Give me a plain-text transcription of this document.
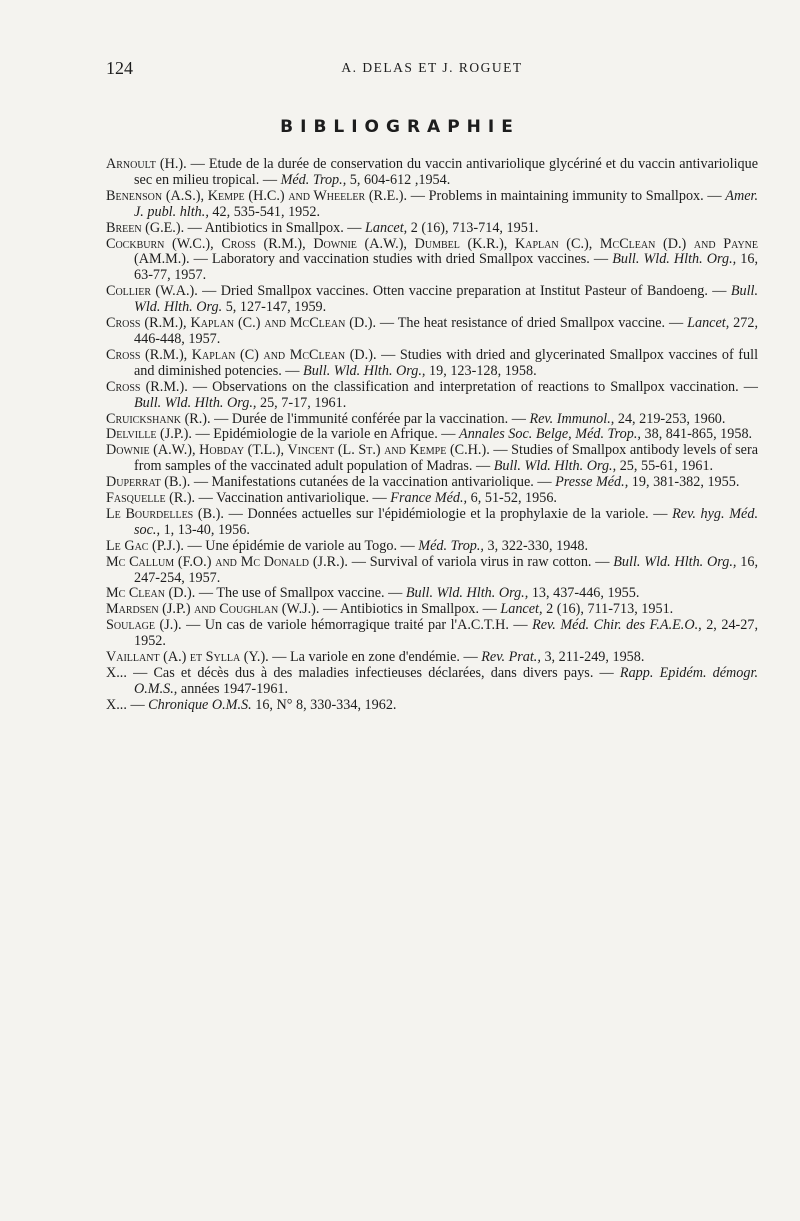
124	A. DELAS ET J. ROGUET
BIBLIOGRAPHIE
Arnoult (H.). — Etude de la durée de conservation du vaccin antivariolique glycériné et du vaccin antivariolique sec en milieu tropical. — Méd. Trop., 5, 604-612 ,1954.
Benenson (A.S.), Kempe (H.C.) and Wheeler (R.E.). — Problems in maintaining immunity to Smallpox. — Amer. J. publ. hlth., 42, 535-541, 1952.
Breen (G.E.). — Antibiotics in Smallpox. — Lancet, 2 (16), 713-714, 1951.
Cockburn (W.C.), Cross (R.M.), Downie (A.W.), Dumbel (K.R.), Kaplan (C.), McClean (D.) and Payne (AM.M.). — Laboratory and vaccination studies with dried Smallpox vaccines. — Bull. Wld. Hlth. Org., 16, 63-77, 1957.
Collier (W.A.). — Dried Smallpox vaccines. Otten vaccine preparation at Institut Pasteur of Bandoeng. — Bull. Wld. Hlth. Org. 5, 127-147, 1959.
Cross (R.M.), Kaplan (C.) and McClean (D.). — The heat resistance of dried Smallpox vaccine. — Lancet, 272, 446-448, 1957.
Cross (R.M.), Kaplan (C) and McClean (D.). — Studies with dried and glycerinated Smallpox vaccines of full and diminished potencies. — Bull. Wld. Hlth. Org., 19, 123-128, 1958.
Cross (R.M.). — Observations on the classification and interpretation of reactions to Smallpox vaccination. — Bull. Wld. Hlth. Org., 25, 7-17, 1961.
Cruickshank (R.). — Durée de l'immunité conférée par la vaccination. — Rev. Immunol., 24, 219-253, 1960.
Delville (J.P.). — Epidémiologie de la variole en Afrique. — Annales Soc. Belge, Méd. Trop., 38, 841-865, 1958.
Downie (A.W.), Hobday (T.L.), Vincent (L. St.) and Kempe (C.H.). — Studies of Smallpox antibody levels of sera from samples of the vaccinated adult population of Madras. — Bull. Wld. Hlth. Org., 25, 55-61, 1961.
Duperrat (B.). — Manifestations cutanées de la vaccination antivariolique. — Presse Méd., 19, 381-382, 1955.
Fasquelle (R.). — Vaccination antivariolique. — France Méd., 6, 51-52, 1956.
Le Bourdelles (B.). — Données actuelles sur l'épidémiologie et la prophylaxie de la variole. — Rev. hyg. Méd. soc., 1, 13-40, 1956.
Le Gac (P.J.). — Une épidémie de variole au Togo. — Méd. Trop., 3, 322-330, 1948.
Mc Callum (F.O.) and Mc Donald (J.R.). — Survival of variola virus in raw cotton. — Bull. Wld. Hlth. Org., 16, 247-254, 1957.
Mc Clean (D.). — The use of Smallpox vaccine. — Bull. Wld. Hlth. Org., 13, 437-446, 1955.
Mardsen (J.P.) and Coughlan (W.J.). — Antibiotics in Smallpox. — Lancet, 2 (16), 711-713, 1951.
Soulage (J.). — Un cas de variole hémorragique traité par l'A.C.T.H. — Rev. Méd. Chir. des F.A.E.O., 2, 24-27, 1952.
Vaillant (A.) et Sylla (Y.). — La variole en zone d'endémie. — Rev. Prat., 3, 211-249, 1958.
X... — Cas et décès dus à des maladies infectieuses déclarées, dans divers pays. — Rapp. Epidém. démogr. O.M.S., années 1947-1961.
X... — Chronique O.M.S. 16, N° 8, 330-334, 1962.
